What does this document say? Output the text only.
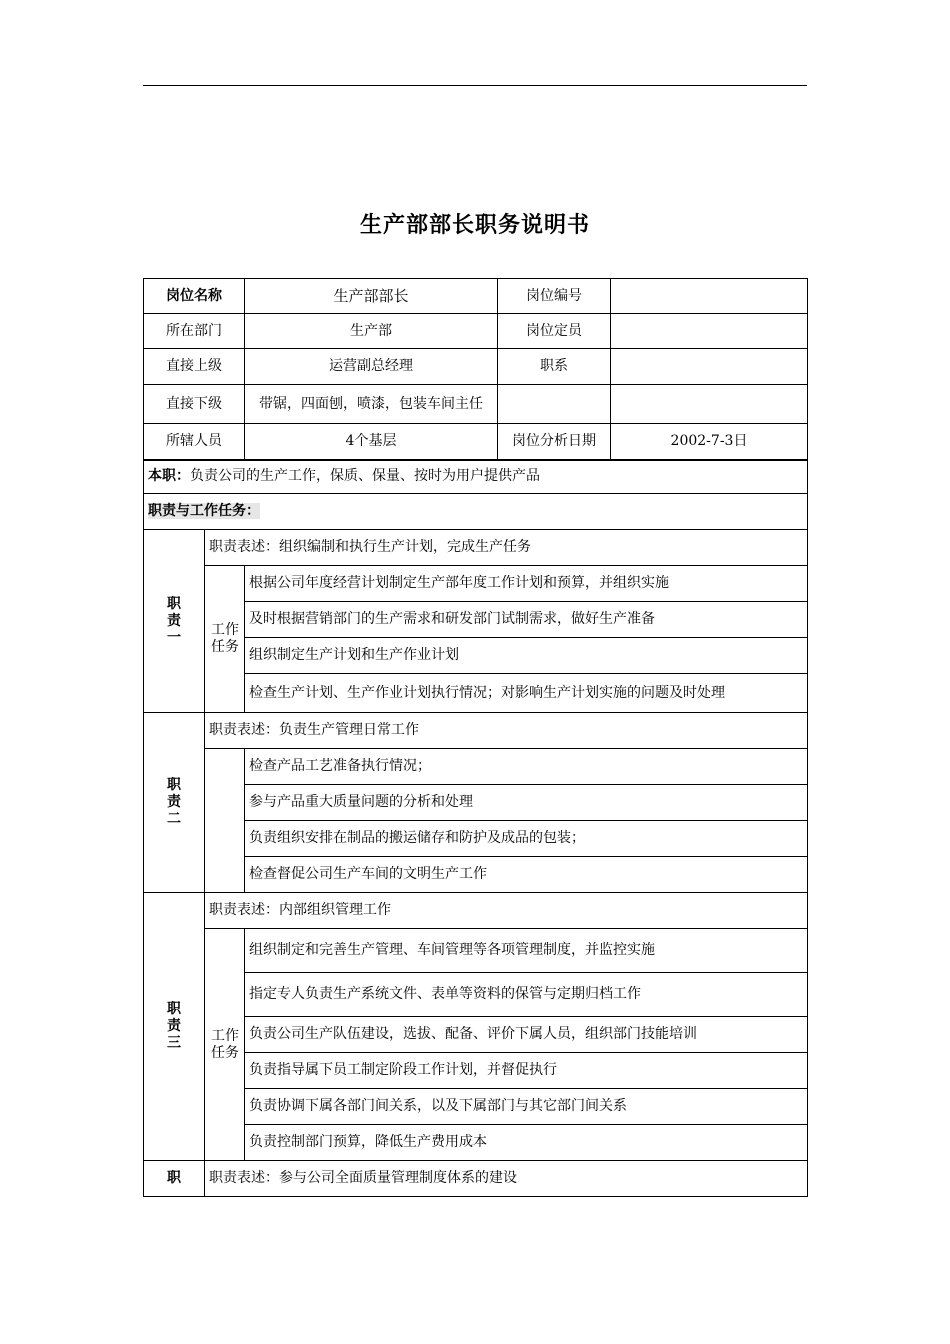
生产部部长职务说明书
岗位名称		生产部部长	岗位编号	
所在部门		生产部	岗位定员	
直接上级		运营副总经理	职系	
直接下级		带锯，四面刨，喷漆，包装车间主任		
所辖人员		4个基层	岗位分析日期	2002-7-3日
本职：负责公司的生产工作，保质、保量、按时为用户提供产品				
职责与工作任务：				
职责一	职责表述：组织编制和执行生产计划，完成生产任务			
	工作任务	根据公司年度经营计划制定生产部年度工作计划和预算，并组织实施		
		及时根据营销部门的生产需求和研发部门试制需求，做好生产准备		
		组织制定生产计划和生产作业计划		
		检查生产计划、生产作业计划执行情况；对影响生产计划实施的问题及时处理		
职责二	职责表述：负责生产管理日常工作			
		检查产品工艺准备执行情况；		
		参与产品重大质量问题的分析和处理		
		负责组织安排在制品的搬运储存和防护及成品的包装；		
		检查督促公司生产车间的文明生产工作		
职责三	职责表述：内部组织管理工作			
	工作任务	组织制定和完善生产管理、车间管理等各项管理制度，并监控实施		
		指定专人负责生产系统文件、表单等资料的保管与定期归档工作		
		负责公司生产队伍建设，选拔、配备、评价下属人员，组织部门技能培训		
		负责指导属下员工制定阶段工作计划，并督促执行		
		负责协调下属各部门间关系，以及下属部门与其它部门间关系		
		负责控制部门预算，降低生产费用成本		
职	职责表述：参与公司全面质量管理制度体系的建设			
